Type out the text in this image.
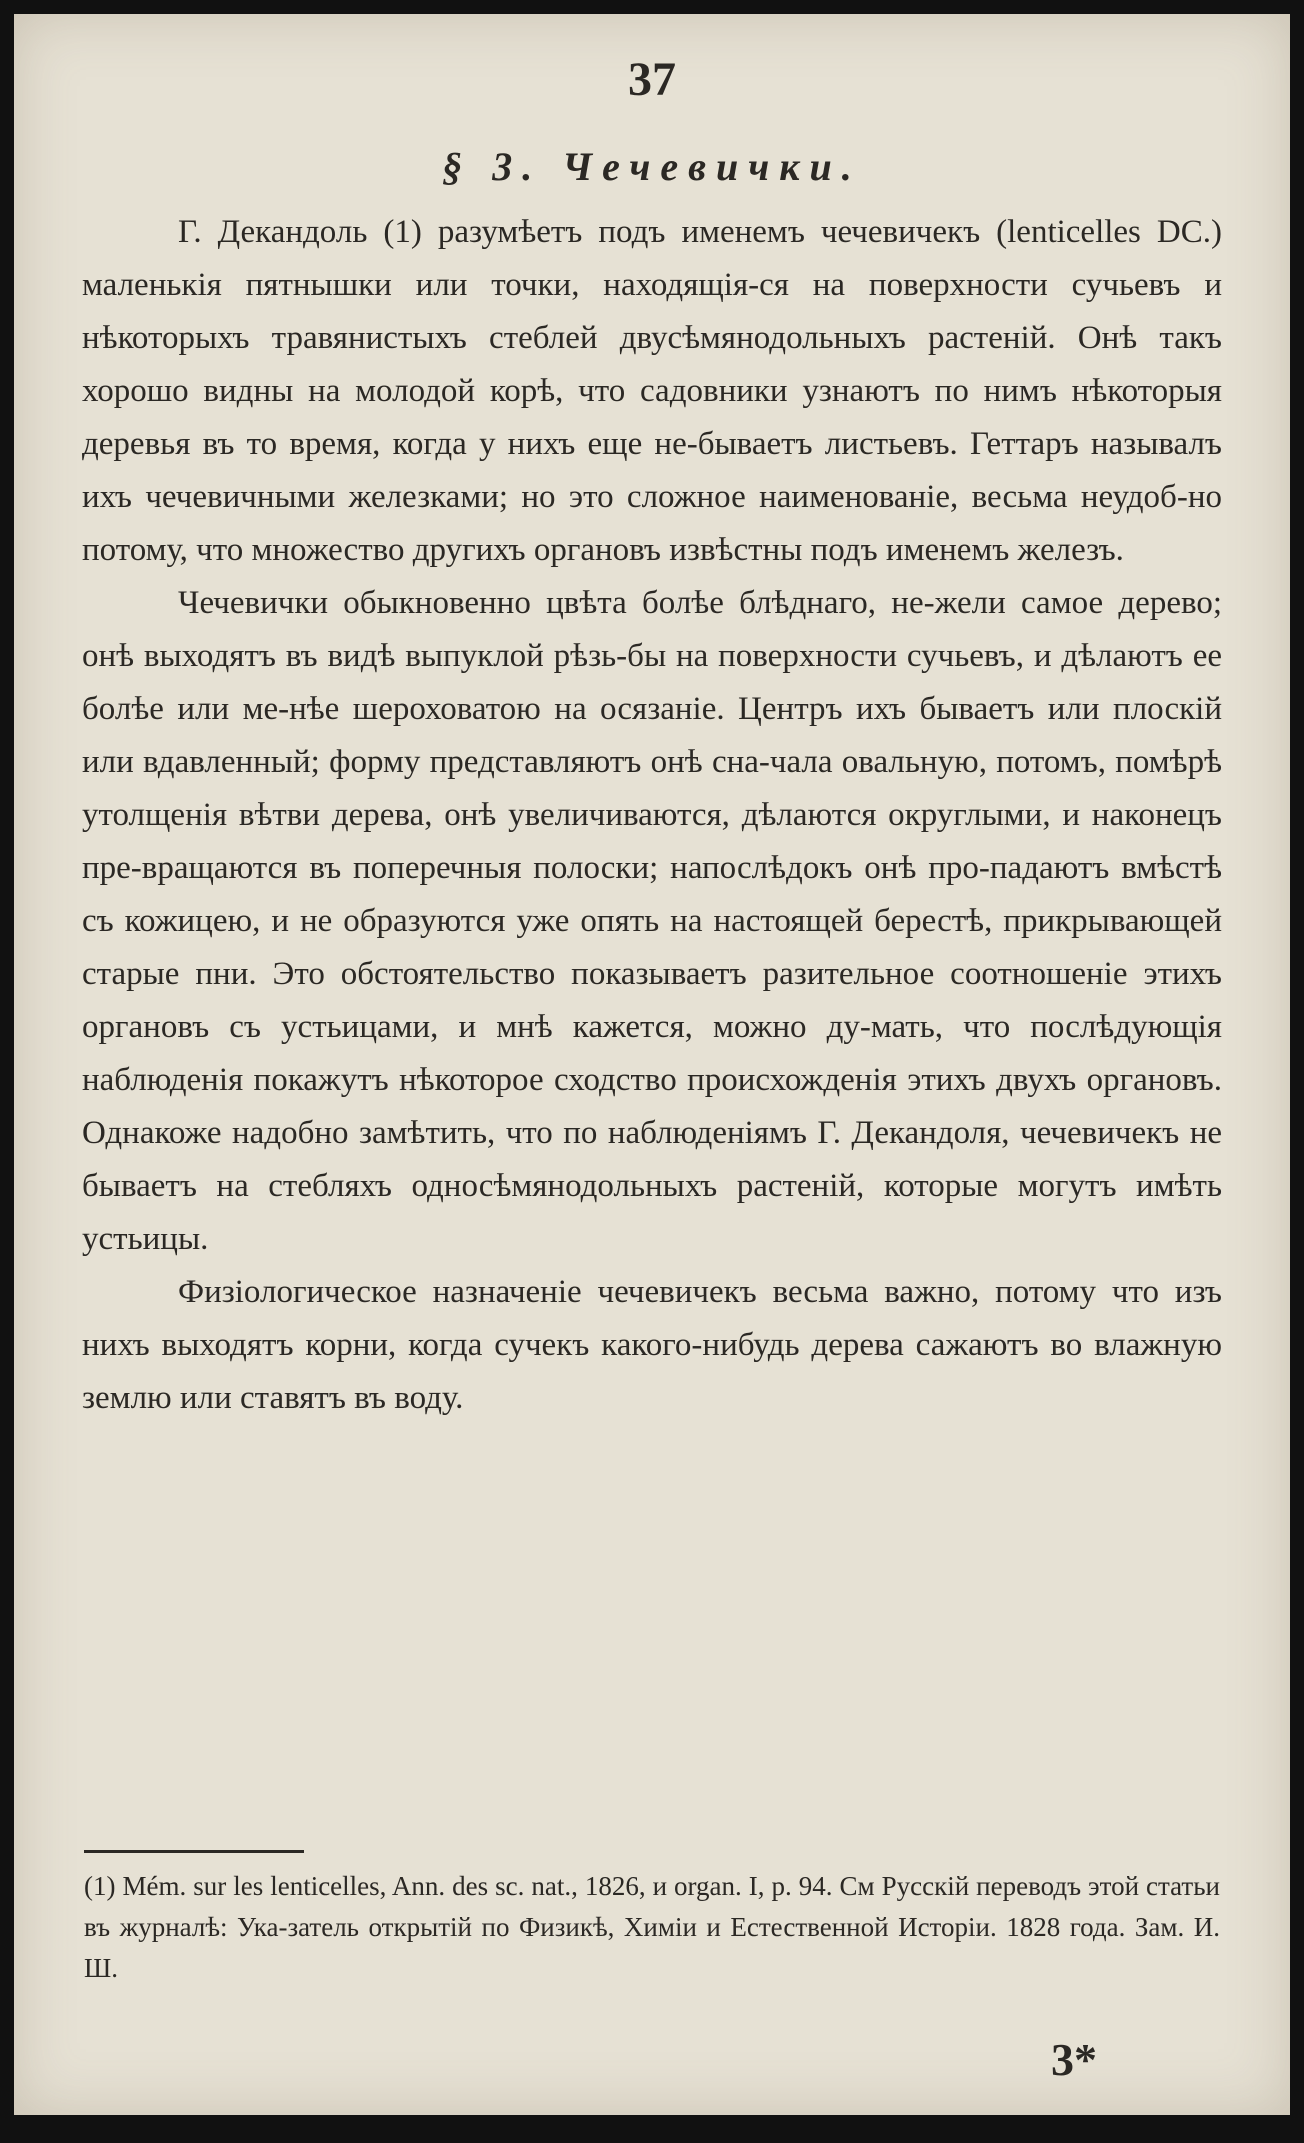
37
§ 3. Чечевички.

Г. Декандоль (1) разумѣетъ подъ именемъ чечевичекъ (lenticelles DC.) маленькія пятнышки или точки, находящія-ся на поверхности сучьевъ и нѣкоторыхъ травянистыхъ стеблей двусѣмянодольныхъ растеній. Онѣ такъ хорошо видны на молодой корѣ, что садовники узнаютъ по нимъ нѣкоторыя деревья въ то время, когда у нихъ еще не-бываетъ листьевъ. Геттаръ называлъ ихъ чечевичными железками; но это сложное наименованіе, весьма неудоб-но потому, что множество другихъ органовъ извѣстны подъ именемъ железъ.

Чечевички обыкновенно цвѣта болѣе блѣднаго, не-жели самое дерево; онѣ выходятъ въ видѣ выпуклой рѣзь-бы на поверхности сучьевъ, и дѣлаютъ ее болѣе или ме-нѣе шероховатою на осязаніе. Центръ ихъ бываетъ или плоскій или вдавленный; форму представляютъ онѣ сна-чала овальную, потомъ, помѣрѣ утолщенія вѣтви дерева, онѣ увеличиваются, дѣлаются округлыми, и наконецъ пре-вращаются въ поперечныя полоски; напослѣдокъ онѣ про-падаютъ вмѣстѣ съ кожицею, и не образуются уже опять на настоящей берестѣ, прикрывающей старые пни. Это обстоятельство показываетъ разительное соотношеніе этихъ органовъ съ устьицами, и мнѣ кажется, можно ду-мать, что послѣдующія наблюденія покажутъ нѣкоторое сходство происхожденія этихъ двухъ органовъ. Однакоже надобно замѣтить, что по наблюденіямъ Г. Декандоля, чечевичекъ не бываетъ на стебляхъ односѣмянодольныхъ растеній, которые могутъ имѣть устьицы.

Физіологическое назначеніе чечевичекъ весьма важно, потому что изъ нихъ выходятъ корни, когда сучекъ какого-нибудь дерева сажаютъ во влажную землю или ставятъ въ воду.

(1) Mém. sur les lenticelles, Ann. des sc. nat., 1826, и organ. I, p. 94. См Русскій переводъ этой статьи въ журналѣ: Ука-затель открытій по Физикѣ, Химіи и Естественной Исторіи. 1828 года. Зам. И. Ш.
3*
